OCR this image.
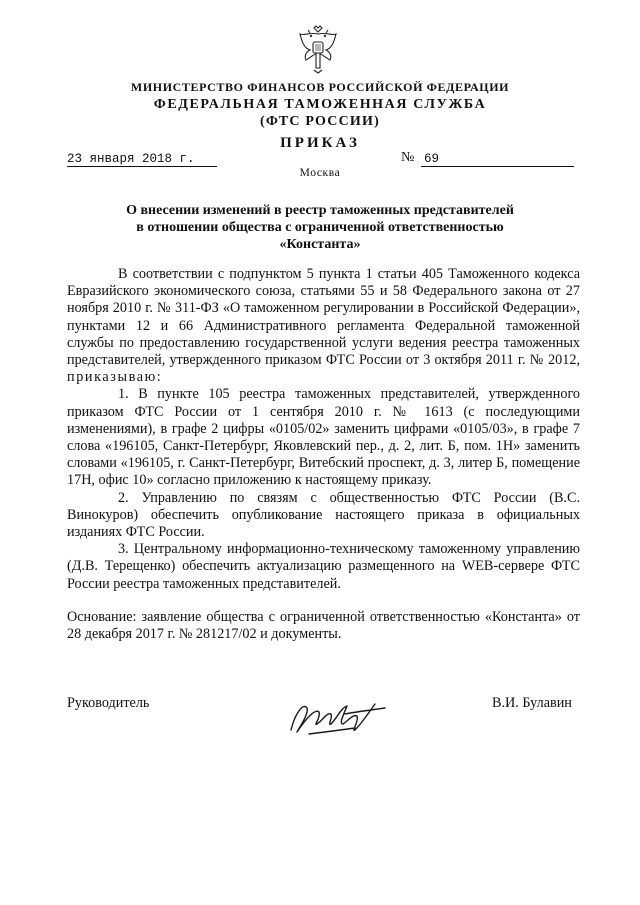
МИНИСТЕРСТВО ФИНАНСОВ РОССИЙСКОЙ ФЕДЕРАЦИИ
ФЕДЕРАЛЬНАЯ ТАМОЖЕННАЯ СЛУЖБА
(ФТС РОССИИ)
ПРИКАЗ
23 января 2018 г.	№ 69
Москва
О внесении изменений в реестр таможенных представителей
в отношении общества с ограниченной ответственностью
«Константа»

В соответствии с подпунктом 5 пункта 1 статьи 405 Таможенного кодекса Евразийского экономического союза, статьями 55 и 58 Федерального закона от 27 ноября 2010 г. № 311-ФЗ «О таможенном регулировании в Российской Федерации», пунктами 12 и 66 Административного регламента Федеральной таможенной службы по предоставлению государственной услуги ведения реестра таможенных представителей, утвержденного приказом ФТС России от 3 октября 2011 г. № 2012, приказываю:

1. В пункте 105 реестра таможенных представителей, утвержденного приказом ФТС России от 1 сентября 2010 г. № 1613 (с последующими изменениями), в графе 2 цифры «0105/02» заменить цифрами «0105/03», в графе 7 слова «196105, Санкт-Петербург, Яковлевский пер., д. 2, лит. Б, пом. 1Н» заменить словами «196105, г. Санкт-Петербург, Витебский проспект, д. 3, литер Б, помещение 17Н, офис 10» согласно приложению к настоящему приказу.

2. Управлению по связям с общественностью ФТС России (В.С. Винокуров) обеспечить опубликование настоящего приказа в официальных изданиях ФТС России.

3. Центральному информационно-техническому таможенному управлению (Д.В. Терещенко) обеспечить актуализацию размещенного на WEB-сервере ФТС России реестра таможенных представителей.

Основание: заявление общества с ограниченной ответственностью «Константа» от 28 декабря 2017 г. № 281217/02 и документы.
Руководитель	В.И. Булавин
